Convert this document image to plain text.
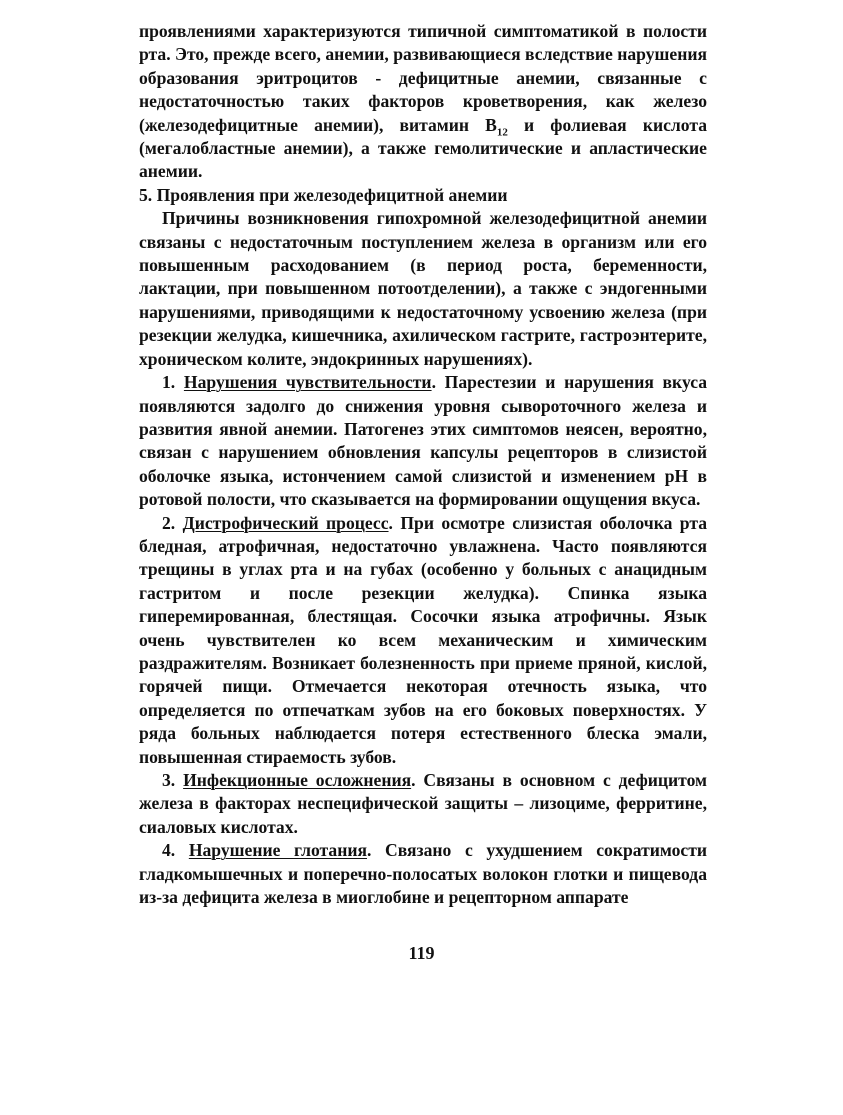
проявлениями характеризуются типичной симптоматикой в полости рта. Это, прежде всего, анемии, развивающиеся вследствие нарушения образования эритроцитов - дефицитные анемии, связанные с недостаточностью таких факторов кроветворения, как железо (железодефицитные анемии), витамин $B_{12}$ и фолиевая кислота (мегалобластные анемии), а также гемолитические и апластические анемии.

5. Проявления при железодефицитной анемии

Причины возникновения гипохромной железодефицитной анемии связаны с недостаточным поступлением железа в организм или его повышенным расходованием (в период роста, беременности, лактации, при повышенном потоотделении), а также с эндогенными нарушениями, приводящими к недостаточному усвоению железа (при резекции желудка, кишечника, ахилическом гастрите, гастроэнтерите, хроническом колите, эндокринных нарушениях).

1. Нарушения чувствительности. Парестезии и нарушения вкуса появляются задолго до снижения уровня сывороточного железа и развития явной анемии. Патогенез этих симптомов неясен, вероятно, связан с нарушением обновления капсулы рецепторов в слизистой оболочке языка, истончением самой слизистой и изменением pH в ротовой полости, что сказывается на формировании ощущения вкуса.

2. Дистрофический процесс. При осмотре слизистая оболочка рта бледная, атрофичная, недостаточно увлажнена. Часто появляются трещины в углах рта и на губах (особенно у больных с анацидным гастритом и после резекции желудка). Спинка языка гиперемированная, блестящая. Сосочки языка атрофичны. Язык очень чувствителен ко всем механическим и химическим раздражителям. Возникает болезненность при приеме пряной, кислой, горячей пищи. Отмечается некоторая отечность языка, что определяется по отпечаткам зубов на его боковых поверхностях. У ряда больных наблюдается потеря естественного блеска эмали, повышенная стираемость зубов.

3. Инфекционные осложнения. Связаны в основном с дефицитом железа в факторах неспецифической защиты – лизоциме, ферритине, сиаловых кислотах.

4. Нарушение глотания. Связано с ухудшением сократимости гладкомышечных и поперечно-полосатых волокон глотки и пищевода из-за дефицита железа в миоглобине и рецепторном аппарате

119
